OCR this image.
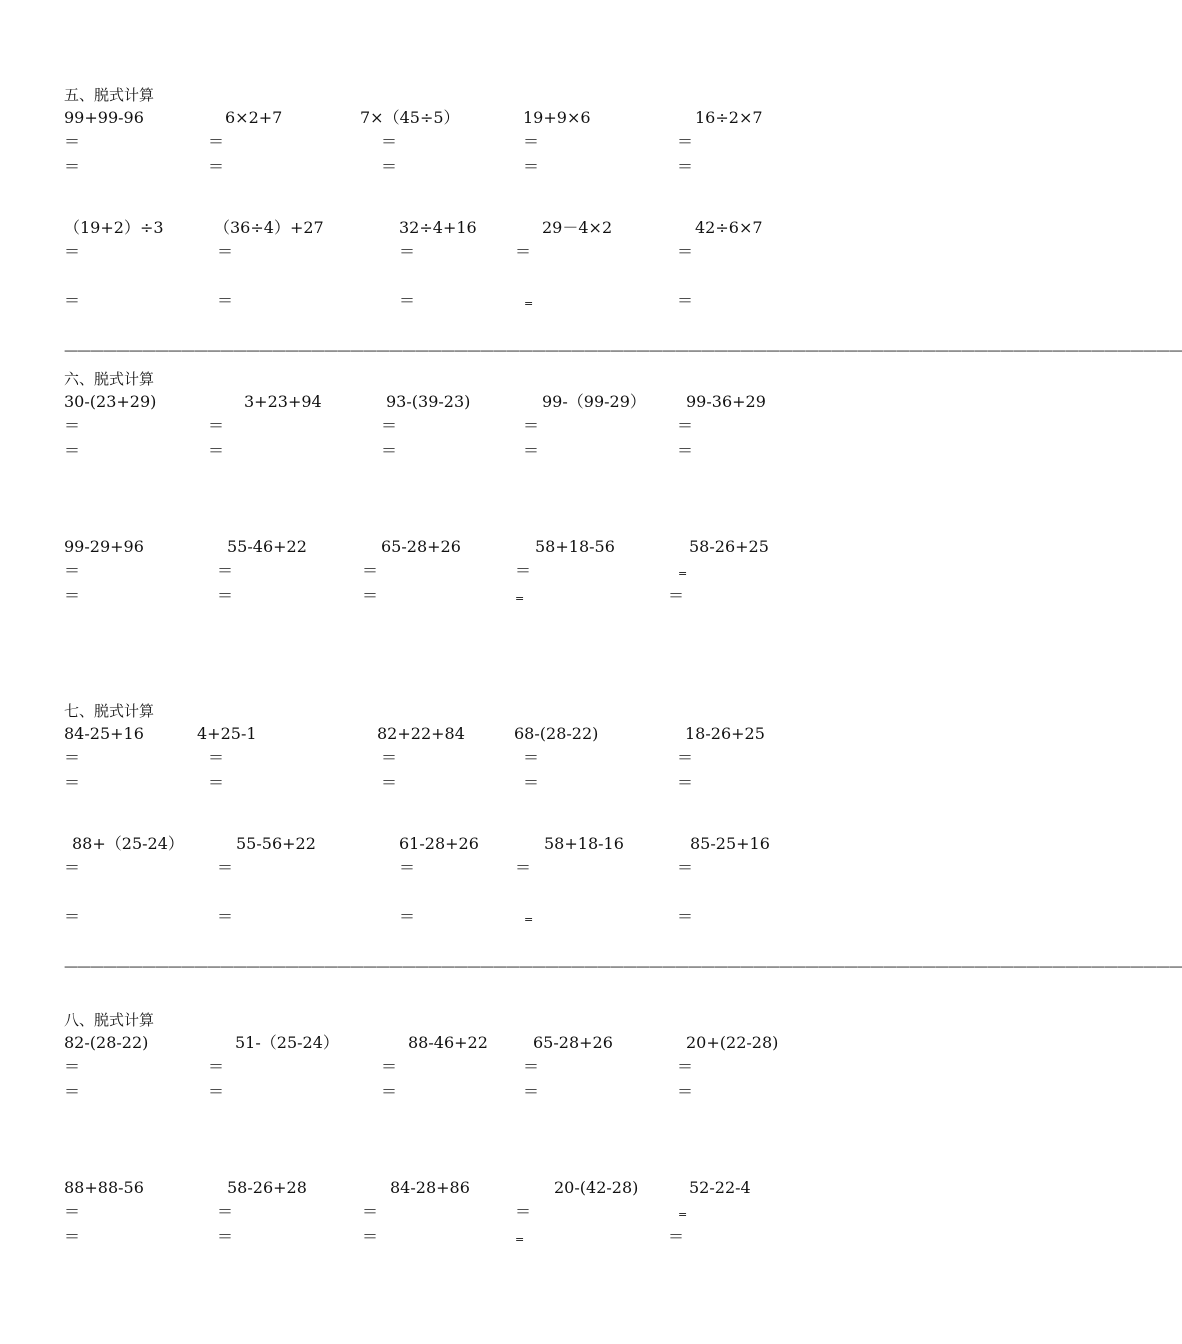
五、脱式计算
99+99-96	6×2+7	7×（45÷5）	19+9×6	16÷2×7
＝	＝	＝	＝	＝
＝	＝	＝	＝	＝
（19+2）÷3	（36÷4）+27	32÷4+16	29－4×2	42÷6×7
＝	＝	＝	＝	＝
＝	＝	＝	=	＝
——————————————————————————————————————————————————————————————————————————————————————
六、脱式计算
30-(23+29)	3+23+94	93-(39-23)	99-（99-29）	99-36+29
＝	＝	＝	＝	＝
＝	＝	＝	＝	＝
99-29+96	55-46+22	65-28+26	58+18-56	58-26+25
＝	＝	＝	＝	=
＝	＝	＝	=	＝
七、脱式计算
84-25+16	4+25-1	82+22+84	68-(28-22)	18-26+25
＝	＝	＝	＝	＝
＝	＝	＝	＝	＝
88+（25-24）	55-56+22	61-28+26	58+18-16	85-25+16
＝	＝	＝	＝	＝
＝	＝	＝	=	＝
——————————————————————————————————————————————————————————————————————————————————————
八、脱式计算
82-(28-22)	51-（25-24）	88-46+22	65-28+26	20+(22-28)
＝	＝	＝	＝	＝
＝	＝	＝	＝	＝
88+88-56	58-26+28	84-28+86	20-(42-28)	52-22-4
＝	＝	＝	＝	=
＝	＝	＝	=	＝
